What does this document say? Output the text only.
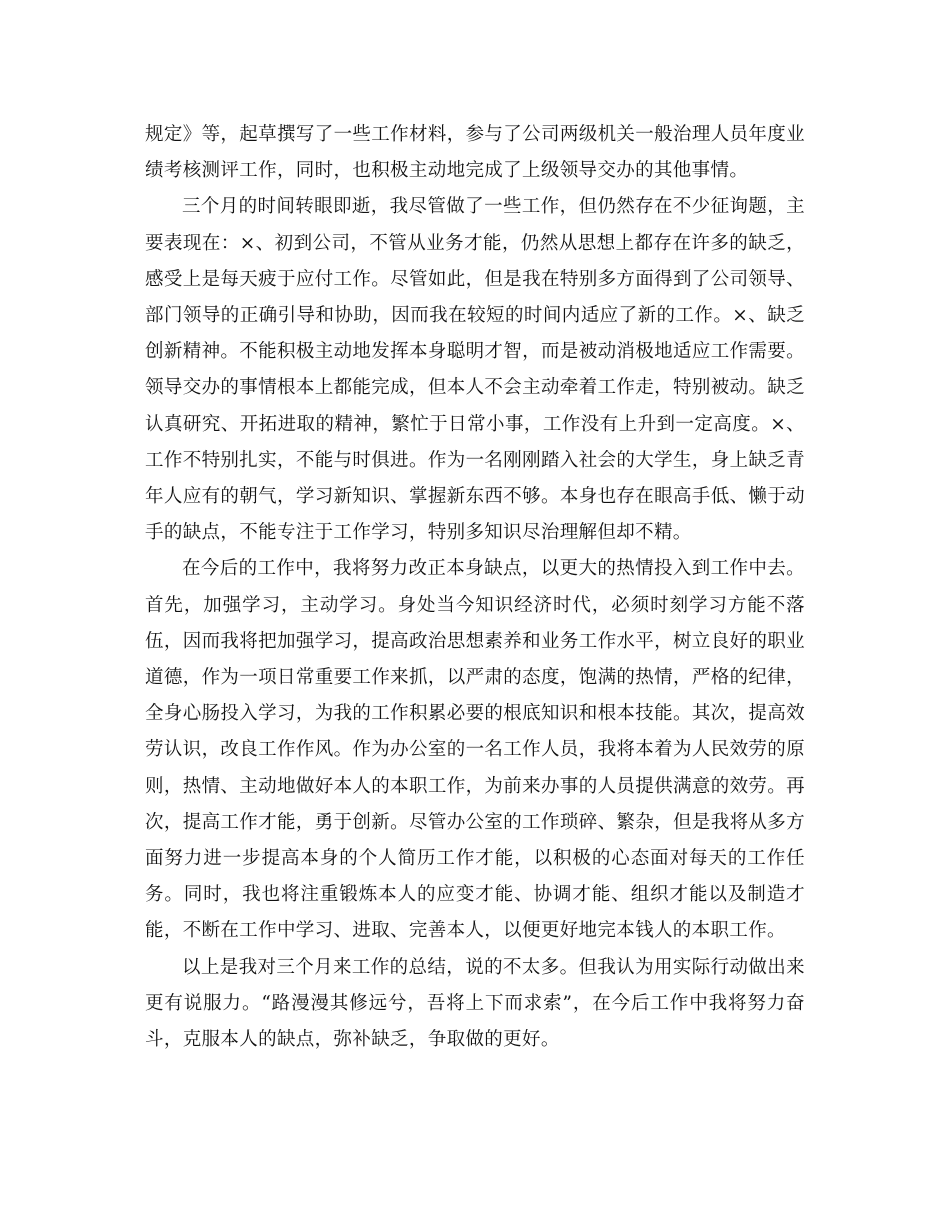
规定》等，起草撰写了一些工作材料，参与了公司两级机关一般治理人员年度业绩考核测评工作，同时，也积极主动地完成了上级领导交办的其他事情。

三个月的时间转眼即逝，我尽管做了一些工作，但仍然存在不少征询题，主要表现在：×、初到公司，不管从业务才能，仍然从思想上都存在许多的缺乏，感受上是每天疲于应付工作。尽管如此，但是我在特别多方面得到了公司领导、部门领导的正确引导和协助，因而我在较短的时间内适应了新的工作。×、缺乏创新精神。不能积极主动地发挥本身聪明才智，而是被动消极地适应工作需要。领导交办的事情根本上都能完成，但本人不会主动牵着工作走，特别被动。缺乏认真研究、开拓进取的精神，繁忙于日常小事，工作没有上升到一定高度。×、工作不特别扎实，不能与时俱进。作为一名刚刚踏入社会的大学生，身上缺乏青年人应有的朝气，学习新知识、掌握新东西不够。本身也存在眼高手低、懒于动手的缺点，不能专注于工作学习，特别多知识尽治理解但却不精。

在今后的工作中，我将努力改正本身缺点，以更大的热情投入到工作中去。首先，加强学习，主动学习。身处当今知识经济时代，必须时刻学习方能不落伍，因而我将把加强学习，提高政治思想素养和业务工作水平，树立良好的职业道德，作为一项日常重要工作来抓，以严肃的态度，饱满的热情，严格的纪律，全身心肠投入学习，为我的工作积累必要的根底知识和根本技能。其次，提高效劳认识，改良工作作风。作为办公室的一名工作人员，我将本着为人民效劳的原则，热情、主动地做好本人的本职工作，为前来办事的人员提供满意的效劳。再次，提高工作才能，勇于创新。尽管办公室的工作琐碎、繁杂，但是我将从多方面努力进一步提高本身的个人简历工作才能，以积极的心态面对每天的工作任务。同时，我也将注重锻炼本人的应变才能、协调才能、组织才能以及制造才能，不断在工作中学习、进取、完善本人，以便更好地完本钱人的本职工作。

以上是我对三个月来工作的总结，说的不太多。但我认为用实际行动做出来更有说服力。“路漫漫其修远兮，吾将上下而求索”，在今后工作中我将努力奋斗，克服本人的缺点，弥补缺乏，争取做的更好。
